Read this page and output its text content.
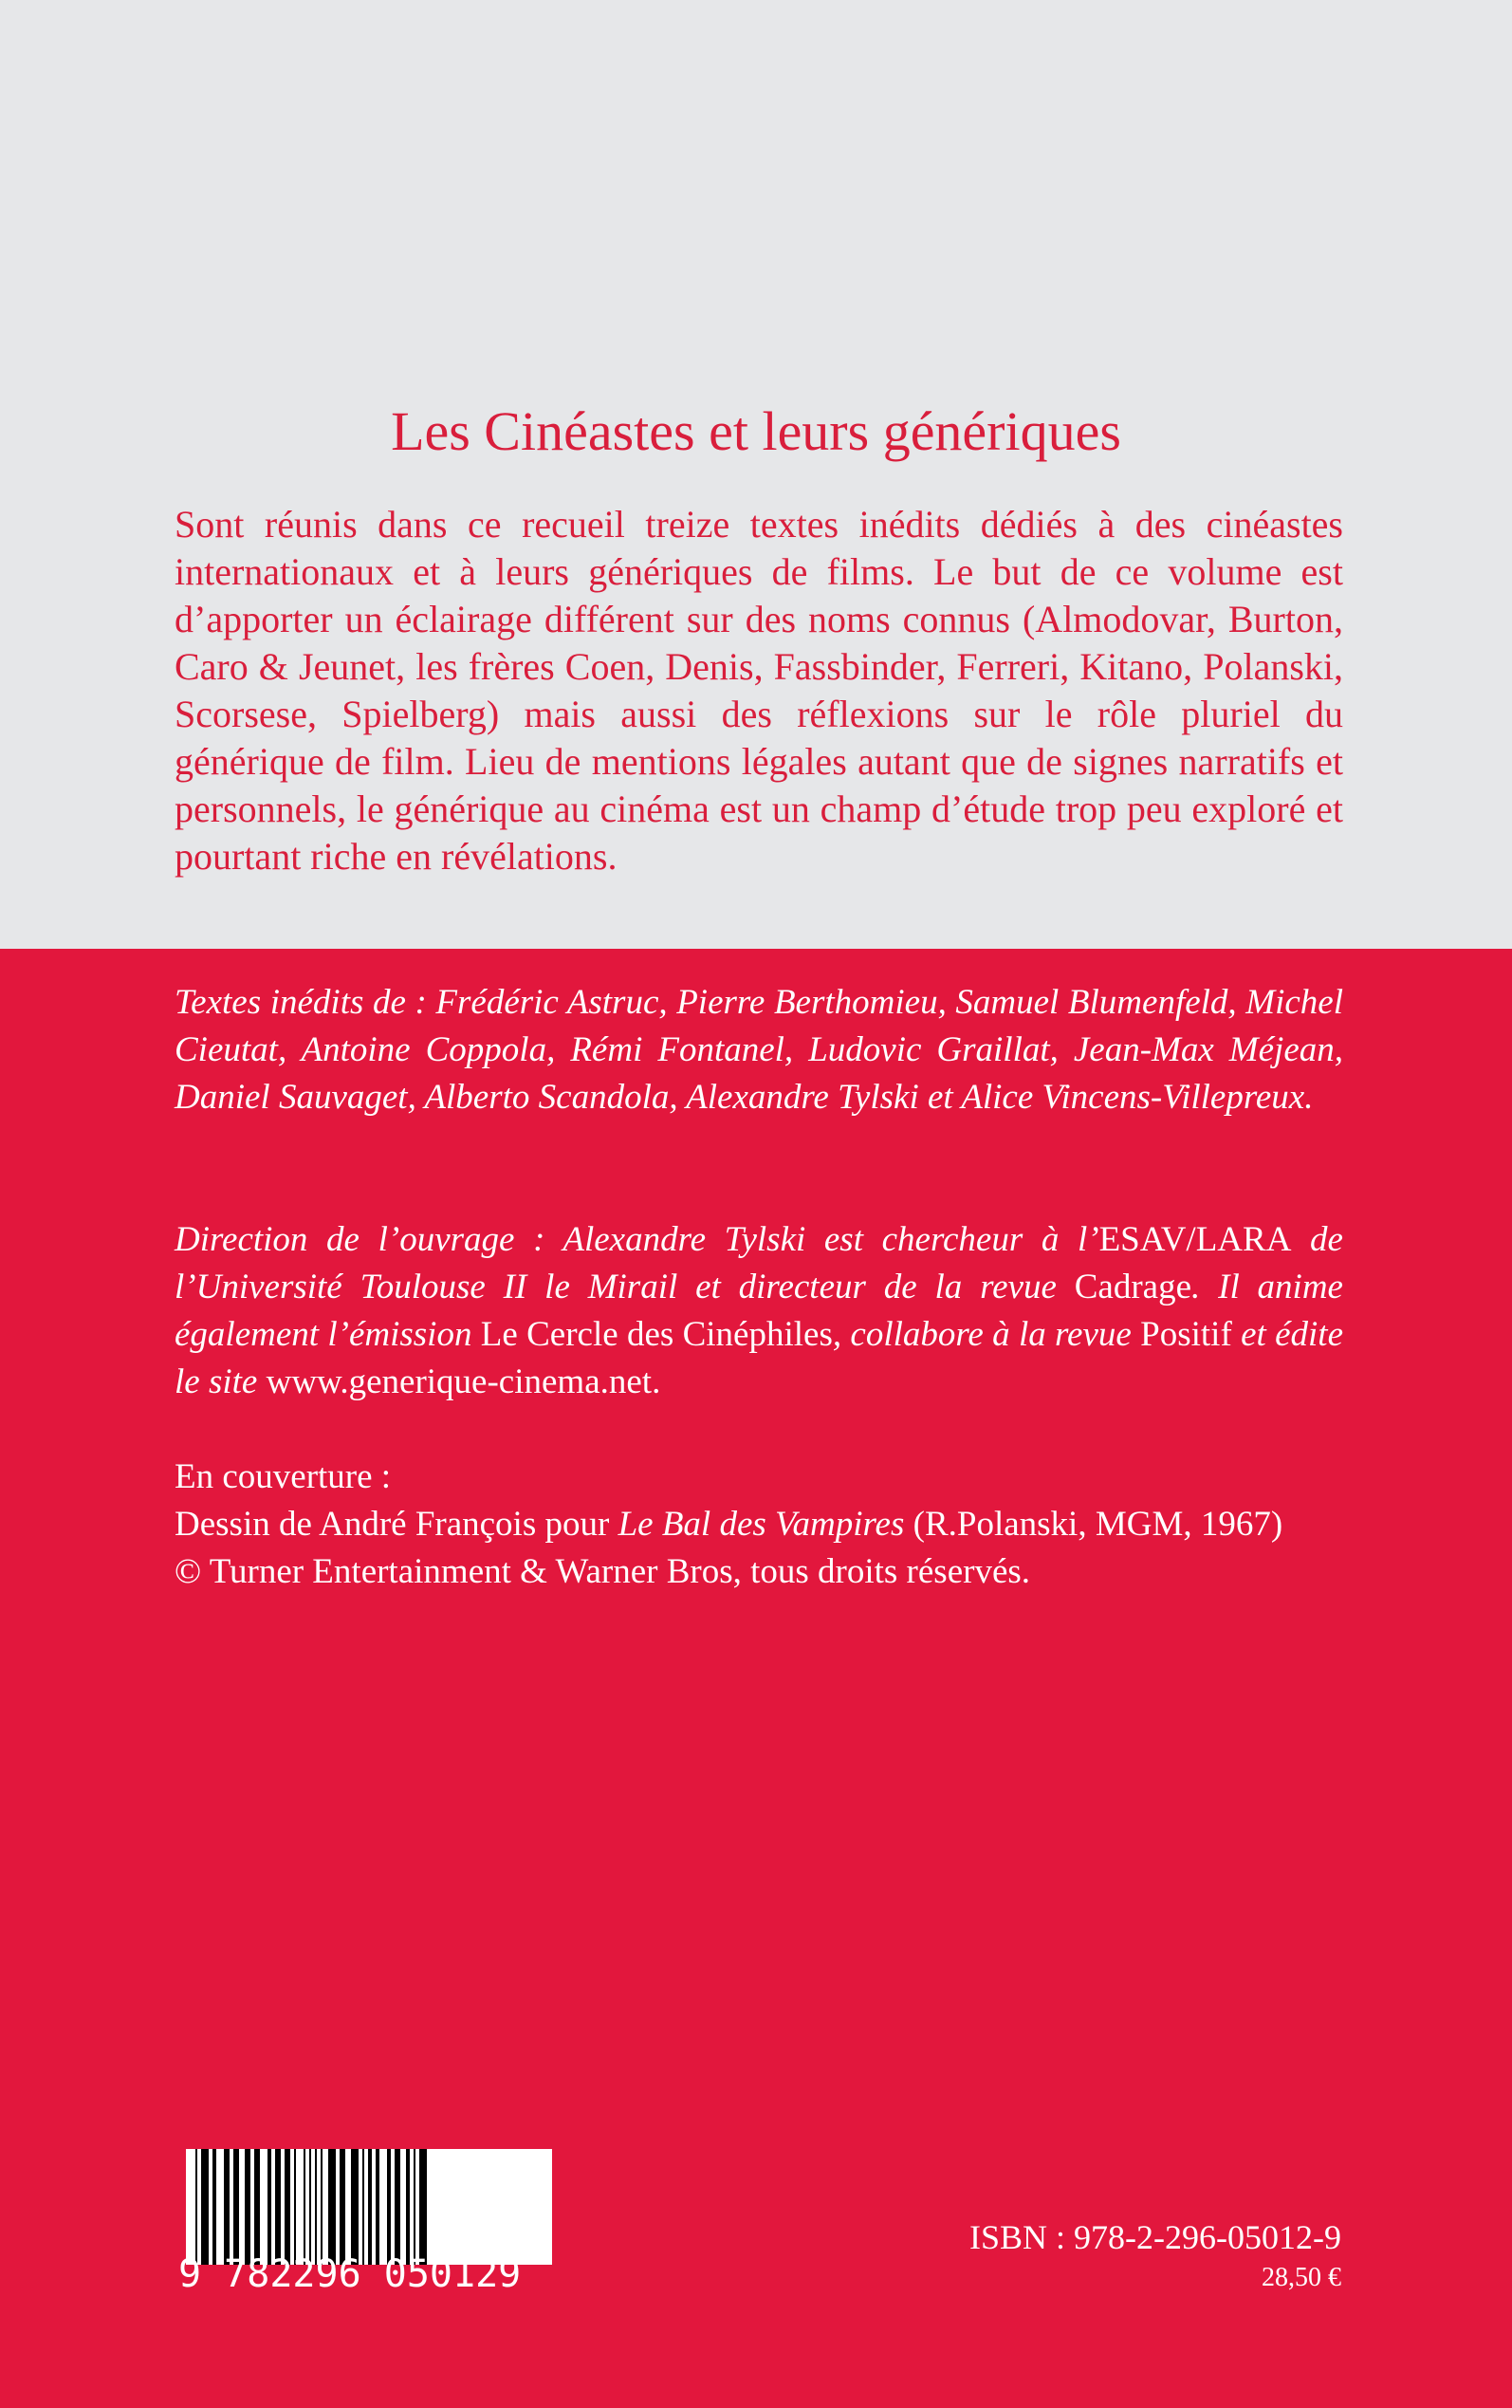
Les Cinéastes et leurs génériques

Sont réunis dans ce recueil treize textes inédits dédiés à des cinéastes internationaux et à leurs génériques de films. Le but de ce volume est d’apporter un éclairage différent sur des noms connus (Almodovar, Burton, Caro & Jeunet, les frères Coen, Denis, Fassbinder, Ferreri, Kitano, Polanski, Scorsese, Spielberg) mais aussi des réflexions sur le rôle pluriel du générique de film. Lieu de mentions légales autant que de signes narratifs et personnels, le générique au cinéma est un champ d’étude trop peu exploré et pourtant riche en révélations.

Textes inédits de : Frédéric Astruc, Pierre Berthomieu, Samuel Blumenfeld, Michel Cieutat, Antoine Coppola, Rémi Fontanel, Ludovic Graillat, Jean-Max Méjean, Daniel Sauvaget, Alberto Scandola, Alexandre Tylski et Alice Vincens-Villepreux.

Direction de l’ouvrage : Alexandre Tylski est chercheur à l’ESAV/LARA de l’Université Toulouse II le Mirail et directeur de la revue Cadrage. Il anime également l’émission Le Cercle des Cinéphiles, collabore à la revue Positif et édite le site www.generique-cinema.net.

En couverture :
Dessin de André François pour Le Bal des Vampires (R.Polanski, MGM, 1967)
© Turner Entertainment & Warner Bros, tous droits réservés.

9 782296 050129
ISBN : 978-2-296-05012-9
28,50 €
